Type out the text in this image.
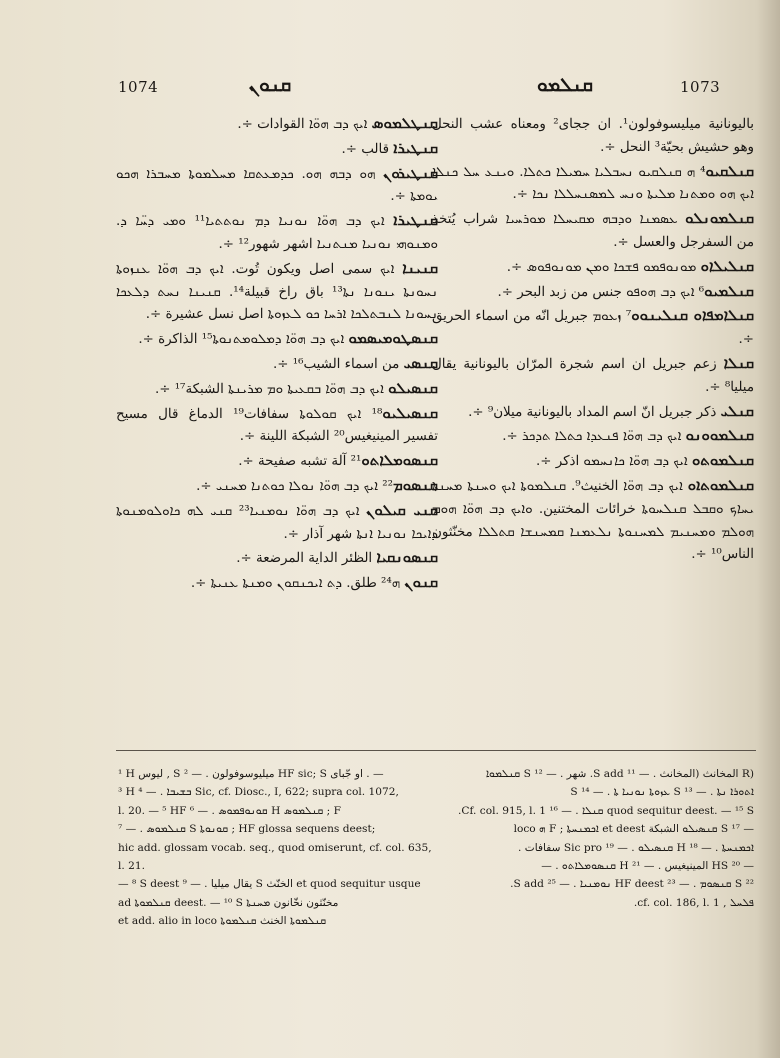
1074	ܩܢܘܢ	ܩܢܠܡܘ	1073

ܩܢܛܠܡܘܣ ܐܝܟ ܕܒ ܗܘ̈ܐ القوادات ÷.

ܩܢܛܝܪܐ قالب ÷.

ܩܢܛܝܪܘܢ ܗܘ ܕܒܗ ܗܘ. ܟܕܡܥܬܩܐ ܡܚܠܡܘܬܐ ܡܚܒܪܐ ܗܟܘ ܝܘܡܬܐ ÷.

ܩܢܛܝܪܐ ܐܝܟ ܕܒ ܗܘ̈ܐ ܢܘܢܝܐ ܕܡ ܢܘܬܬܝܐ¹¹ ܘܡܝ ܕܚ̈ܐ ܕ. ܘܡܢܘܗܝ ܢܘܢܝܐ ܡܢܬܢܝܐ اشهر شهور¹² ÷.

ܩܢܝܢܐ ܐܝܟ سمى اصل ويكون تُوت. ܐܝܟ ܕܒ ܗܘ̈ܐ ܥܢܙܘܬܐ ܢܚܘܢܬܐ ܝܢܘܢܐ ܢܬܐ¹³ باق راخ قبيلة¹⁴. ܩܢܝܢܐ ܢܚܬ ܕܠܥܟܐ ܢܚܘܢܐ ܠܢܒܬܠܟܐ ܐܪܚܐ ܟܘ ܠܥܙܘܬܐ اصل نسل عشيرة ÷.

ܩܢܣܛܘܡܝܣܡܘ ܐܝܟ ܕܒ ܗܘ̈ܐ ܕܡܠܘܡܬܢܘܬܐ¹⁵ الذاكرة ÷.

ܩܢܣܝ من اسماء الشيب¹⁶ ÷.

ܩܢܣܝܠܘ ܐܝܟ ܕܒ ܗܘ̈ܐ ܒܩܥܝܬܐ ܘܡ ܡܪܝܢܬܐ الشبكة¹⁷ ÷.

ܩܢܣܝܠܝܘ¹⁸ ܐܝܟ ܩܘܠܘܬܐ سفافات¹⁹ الدماغ قال مسيح تفسير المينيغيس²⁰ الشبكة اللينة ÷.

ܩܢܣܘܡܠܐܬܘ²¹ آلة تشبه صفيحة ÷.

ܩܢܣܘܡ²² ܐܝܟ ܕܒ ܗܘ̈ܐ ܢܘܠܐ ܟܘܬܢܐ ܡܚܢܝ ÷.

ܩܢܝ ܩܝܠܘܢ ܐܝܟ ܕܒ ܗܘ̈ܐ ܢܘܡܢܝܐ²³ ܩܢܝ ܠܗ ܟܐܘܠܘܡܢܘܬܐ ܕܐܝܟܐ ܢܘܢܝܐ ܐܢܬܐ شهر آذار ÷.

ܩܢܣܘܢܩܝܐ الظئر الداية المرضعة ÷.

ܩܢܘܢ ܗ²⁴ طلق. ܕܬ ܐܝܟܢܩܘܢ ܘܡܢܬܐ ܥܢܝܬܐ ÷.

باليونانية ميليسوفولون¹. ان ججاى² ومعناه عشب النحل وهو حشيش بحيّة³ النحل ÷.

ܩܢܠܩܝܘ⁴ ܗ ܩܢܠܩܝܘ ܢܚܒܠܝܐ ܚܡܝܠܐ ܟܬܠܐ. ܘܝܢܥ ܚܠ ܟܢܠܐ ܐܝܟ ܗܘ ܘܡܬܢܐ ܡܠܝܬܐ ܘܢܚ ܠܡܣܢܚܠܠܐ ܢܟܐ ÷.

ܩܢܠܡܘܢܠܘ ܥܣܡܢܐ ܘܕܒܗ ܡܩܝܚܠܐ ܡܘܪܚܝܐ شراب يُتخذ من السفرجل والعسل ÷.

ܩܢܠܝܠܐܘ ܡܘܢܘܦܡܘ ܦܫܟܐ ܘܡܢ ܡܘܢܘܦܘܣ ÷.

ܩܢܠܡܝܘ⁶ ܐܝܟ ܕܒ ܗܘܦܘ جنس من زبد البحر ÷.

ܩܢܠܐܡܦܐܘ ܩܢܠܝܢܘܘ⁷ ܙܥܘܡ جبريل انّه من اسماء الحريق ÷.

ܩܢܠܐ زعم جبريل ان اسم شجرة المرّان باليونانية يقال ميليا⁸ ÷.

ܩܢܠܝ ذكر جبريل انّ اسم المداد باليونانية ميلان⁹ ÷.

ܩܢܠܡܘܘܢܘ ܐܝܟ ܕܒ ܗܘ̈ܐ ܦܢܥܕܐ ܟܬܠܐ ܬܕܟܪ ÷.

ܩܢܠܡܘܬܘ ܐܝܟ ܕܒ ܗܘ̈ܐ ܟܐܢܚܡܘ اذكر ÷.

ܩܢܠܡܘܬܐܘ ܐܝܟ ܕܒ ܗܘ̈ܐ الخنيث⁹. ܩܢܠܡܘܬܐ ܐܝܟ ܘܚܢܬܐ ܡܚܢܬܐ ܝܚܐܟ ܘܩܒܠ ܩܢܠܚܘܬܐ خرائات المختنين. ܘܐܝܟ ܕܒ ܗܘ̈ܐ ܗܘܡ ܗܘܠܡ ܘܡܚܢܝܡ ܠܡܚܢܘܬܐ ܢܠܥܡܢܐ ܩܡܚܢܫܐ ܩܬܠܠܐ مخنّثون الناس¹⁰ ÷.

¹ H ليوس ‚ S ميليوسوفولون . — ² HF sic; S او جّبای . —

³ H ܒܫܝܒܐ . — ⁴ Sic, cf. Diosc., I, 622; supra col. 1072,

l. 20. — ⁵ HF ܩܘܢܘܦܡܘܣ . — ⁶ H ܩܢܠܡܘܣ ; F

ܩܢܠܡܘܣ . — ⁷ S ܩܘܢܘܬܐ ; HF glossa sequens deest;

hic add. glossam vocab. seq., quod omiserunt, cf. col. 635, l. 21.

— ⁸ S deest يقال ميليا . — ⁹ S الخنّث et quod sequitur usque

ad ܩܢܠܡܘܬܐ deest. — ¹⁰ S مخنّثون نخّانون ܡܚܢܬܐ

et add. alio in loco ܩܢܠܡܘܬܐ الخنث ܩܢܠܡܘܬܐ

(R المخانث (المخانث . — ¹¹ S add. شهر . — ¹² S ܩܢܠܡܘܐ

ܐܬܘܪܐ ܢܬܐ . — ¹³ S ܥܙܘܬܐ ܢܘܢܝܐ ܬܐ . — ¹⁴ S

quod sequitur deest. — ¹⁵ S ܩܢܠܐ . — ¹⁶ Cf. col. 915, l. 1.

— ¹⁷ S ܩܢܣܝܠܘ الشبكة et deest ܐܟܡܢܚܬܐ ; F ܗ loco

ܐܟܡܢܚܬܐ . — ¹⁸ H ܩܢܣܝܠܘ . — ¹⁹ Sic pro سفافات .

— ²⁰ HS المينيغيس . — ²¹ H ܩܢܣܘܡܠܐܬܘ . —

²² S ܩܢܣܘܡ . — ²³ HF deest ܢܘܡܢܝܐ . — ²⁵ S add.

ܦܠܚܠ , cf. col. 186, l. 1.
